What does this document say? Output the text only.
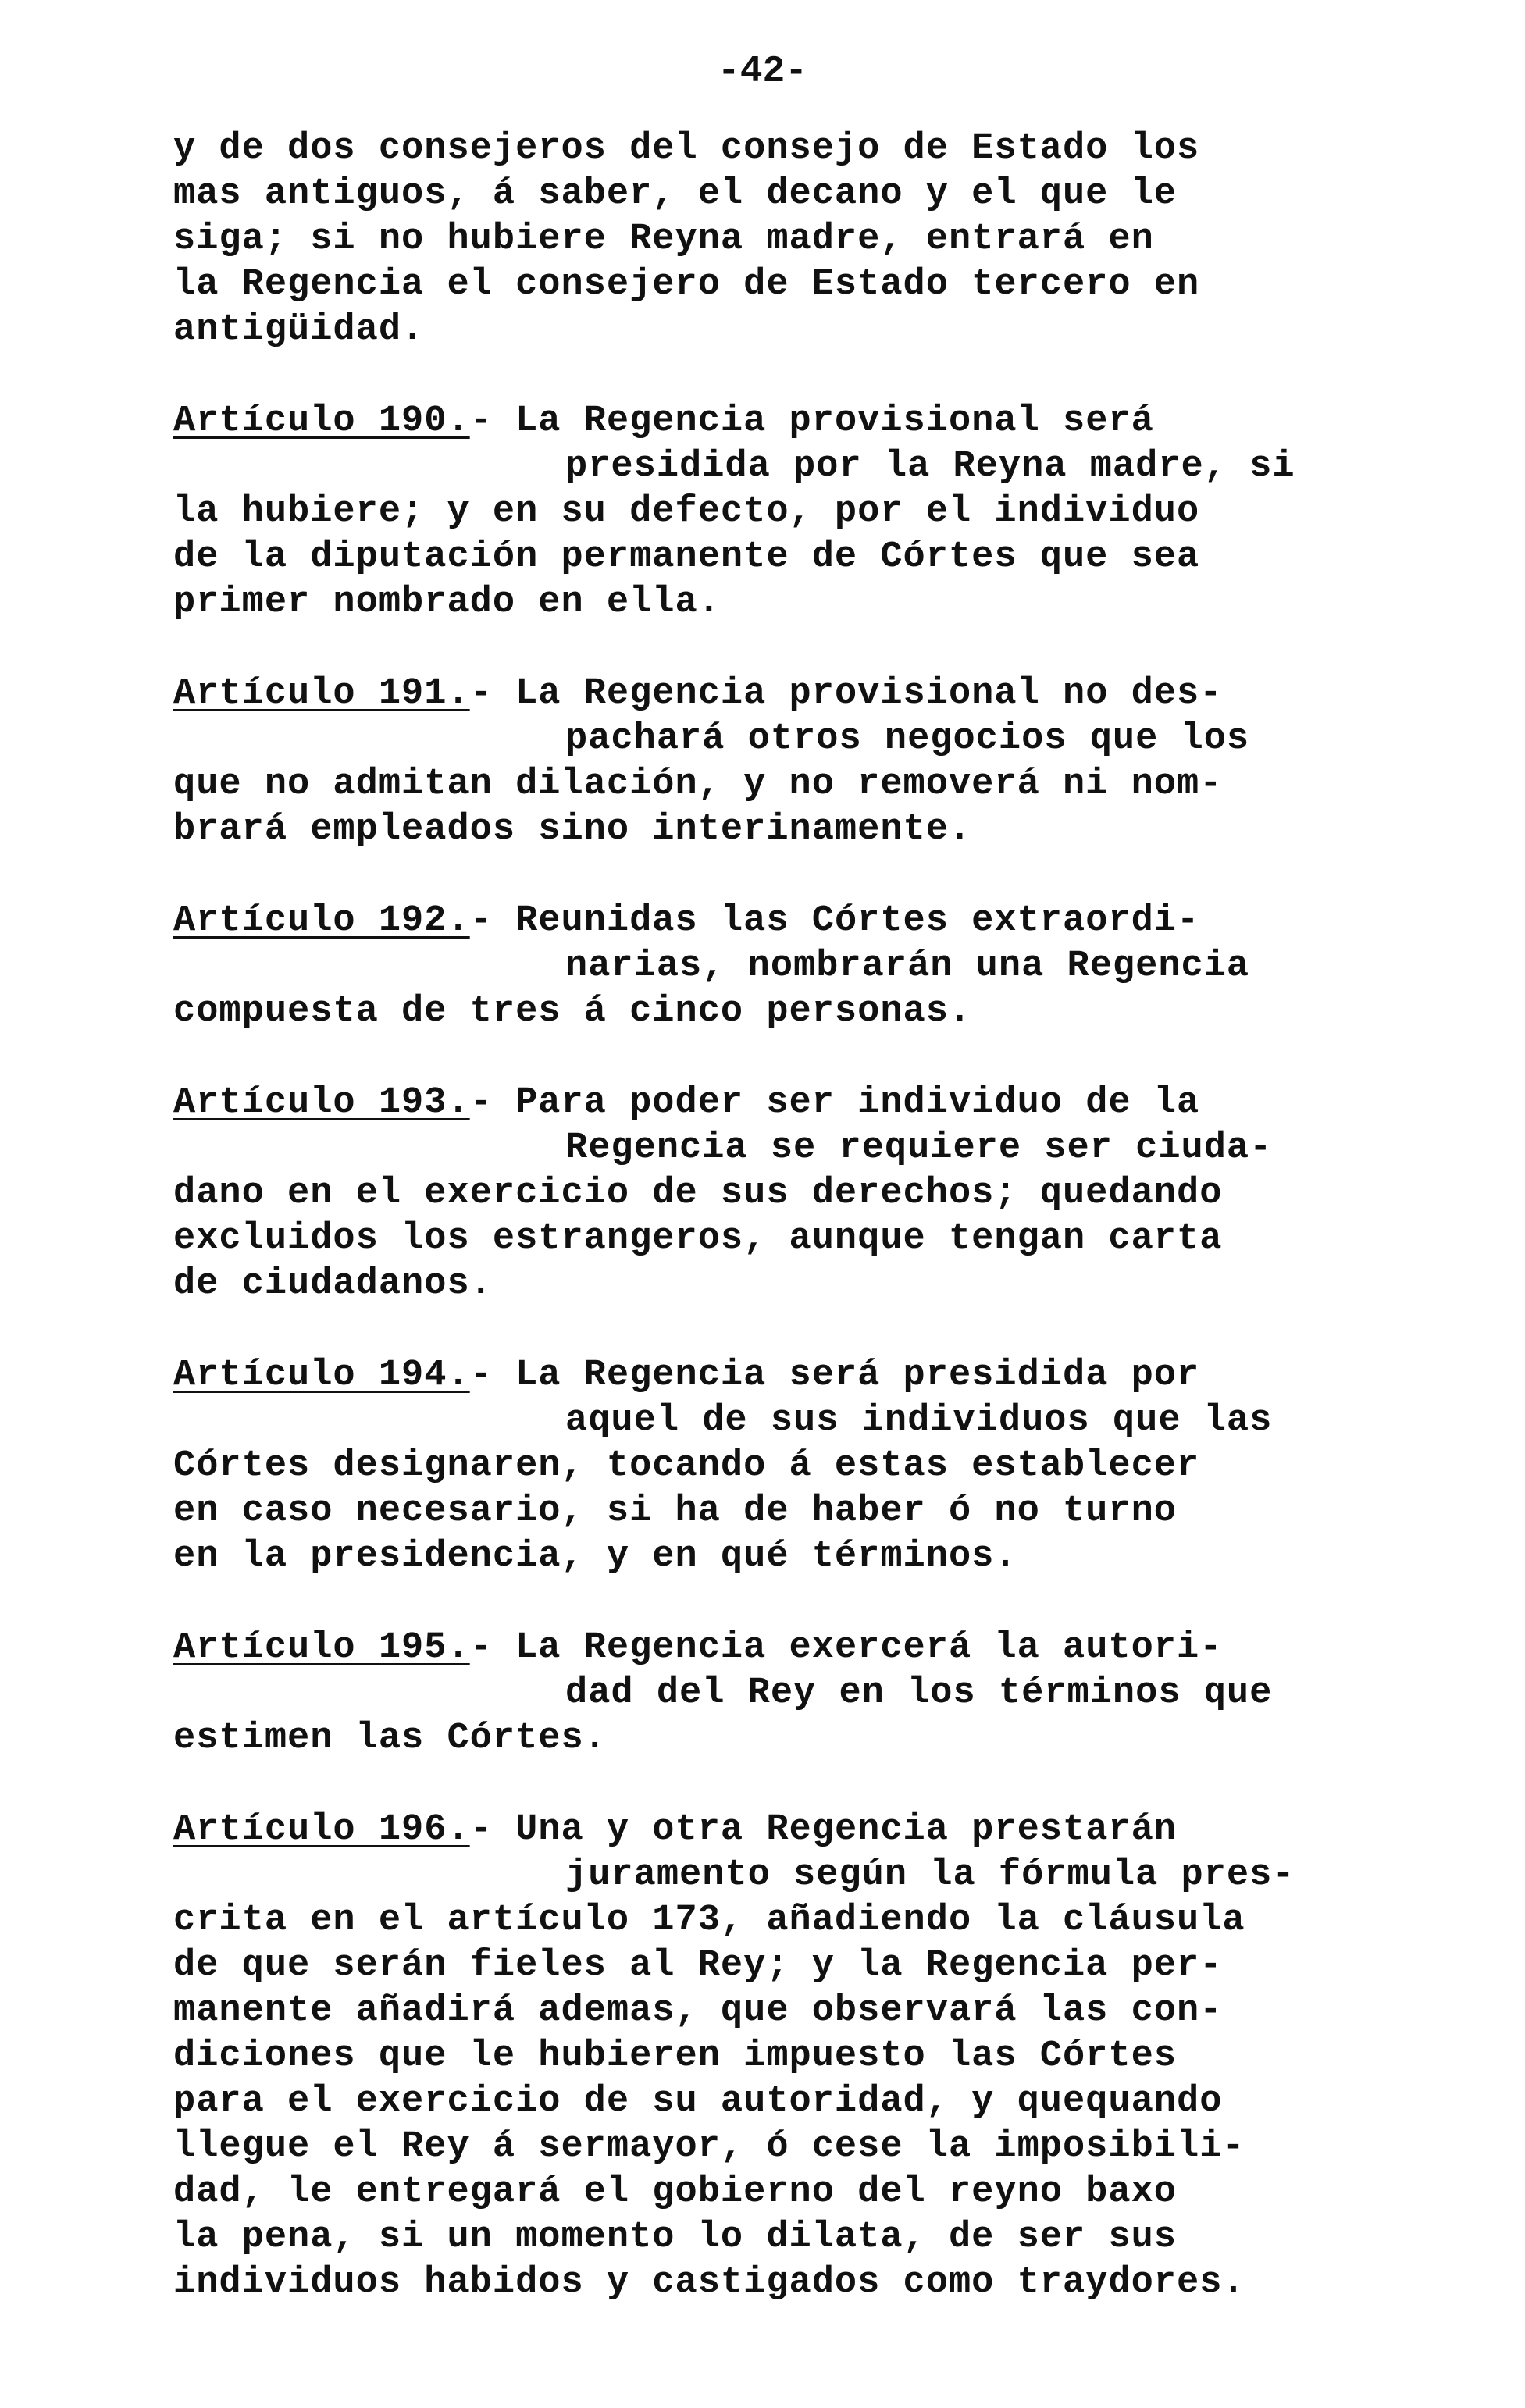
-42-
y de dos consejeros del consejo de Estado los
mas antiguos, á saber, el decano y el que le
siga; si no hubiere Reyna madre, entrará en
la Regencia el consejero de Estado tercero en
antigüidad.
Artículo 190.- La Regencia provisional será
presidida por la Reyna madre, si
la hubiere; y en su defecto, por el individuo
de la diputación permanente de Córtes que sea
primer nombrado en ella.
Artículo 191.- La Regencia provisional no des-
pachará otros negocios que los
que no admitan dilación, y no removerá ni nom-
brará empleados sino interinamente.
Artículo 192.- Reunidas las Córtes extraordi-
narias, nombrarán una Regencia
compuesta de tres á cinco personas.
Artículo 193.- Para poder ser individuo de la
Regencia se requiere ser ciuda-
dano en el exercicio de sus derechos; quedando
excluidos los estrangeros, aunque tengan carta
de ciudadanos.
Artículo 194.- La Regencia será presidida por
aquel de sus individuos que las
Córtes designaren, tocando á estas establecer
en caso necesario, si ha de haber ó no turno
en la presidencia, y en qué términos.
Artículo 195.- La Regencia exercerá la autori-
dad del Rey en los términos que
estimen las Córtes.
Artículo 196.- Una y otra Regencia prestarán
juramento según la fórmula pres-
crita en el artículo 173, añadiendo la cláusula
de que serán fieles al Rey; y la Regencia per-
manente añadirá ademas, que observará las con-
diciones que le hubieren impuesto las Córtes
para el exercicio de su autoridad, y quequando
llegue el Rey á sermayor, ó cese la imposibili-
dad, le entregará el gobierno del reyno baxo
la pena, si un momento lo dilata, de ser sus
individuos habidos y castigados como traydores.
